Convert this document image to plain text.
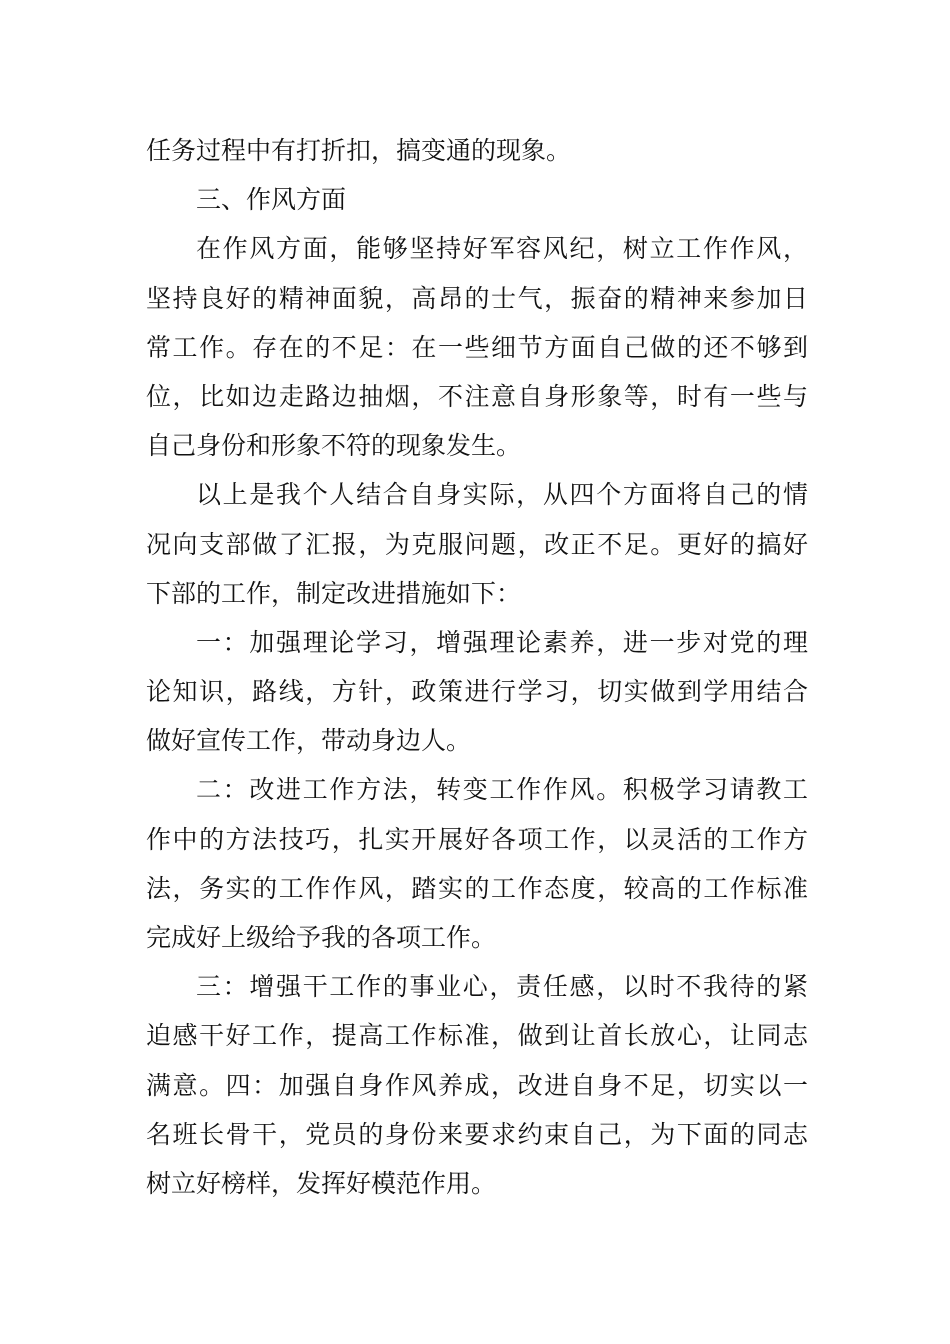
任务过程中有打折扣，搞变通的现象。
三、作风方面
在作风方面，能够坚持好军容风纪，树立工作作风，
坚持良好的精神面貌，高昂的士气，振奋的精神来参加日
常工作。存在的不足：在一些细节方面自己做的还不够到
位，比如边走路边抽烟，不注意自身形象等，时有一些与
自己身份和形象不符的现象发生。
以上是我个人结合自身实际，从四个方面将自己的情
况向支部做了汇报，为克服问题，改正不足。更好的搞好
下部的工作，制定改进措施如下：
一：加强理论学习，增强理论素养，进一步对党的理
论知识，路线，方针，政策进行学习，切实做到学用结合
做好宣传工作，带动身边人。
二：改进工作方法，转变工作作风。积极学习请教工
作中的方法技巧，扎实开展好各项工作，以灵活的工作方
法，务实的工作作风，踏实的工作态度，较高的工作标准
完成好上级给予我的各项工作。
三：增强干工作的事业心，责任感，以时不我待的紧
迫感干好工作，提高工作标准，做到让首长放心，让同志
满意。四：加强自身作风养成，改进自身不足，切实以一
名班长骨干，党员的身份来要求约束自己，为下面的同志
树立好榜样，发挥好模范作用。
